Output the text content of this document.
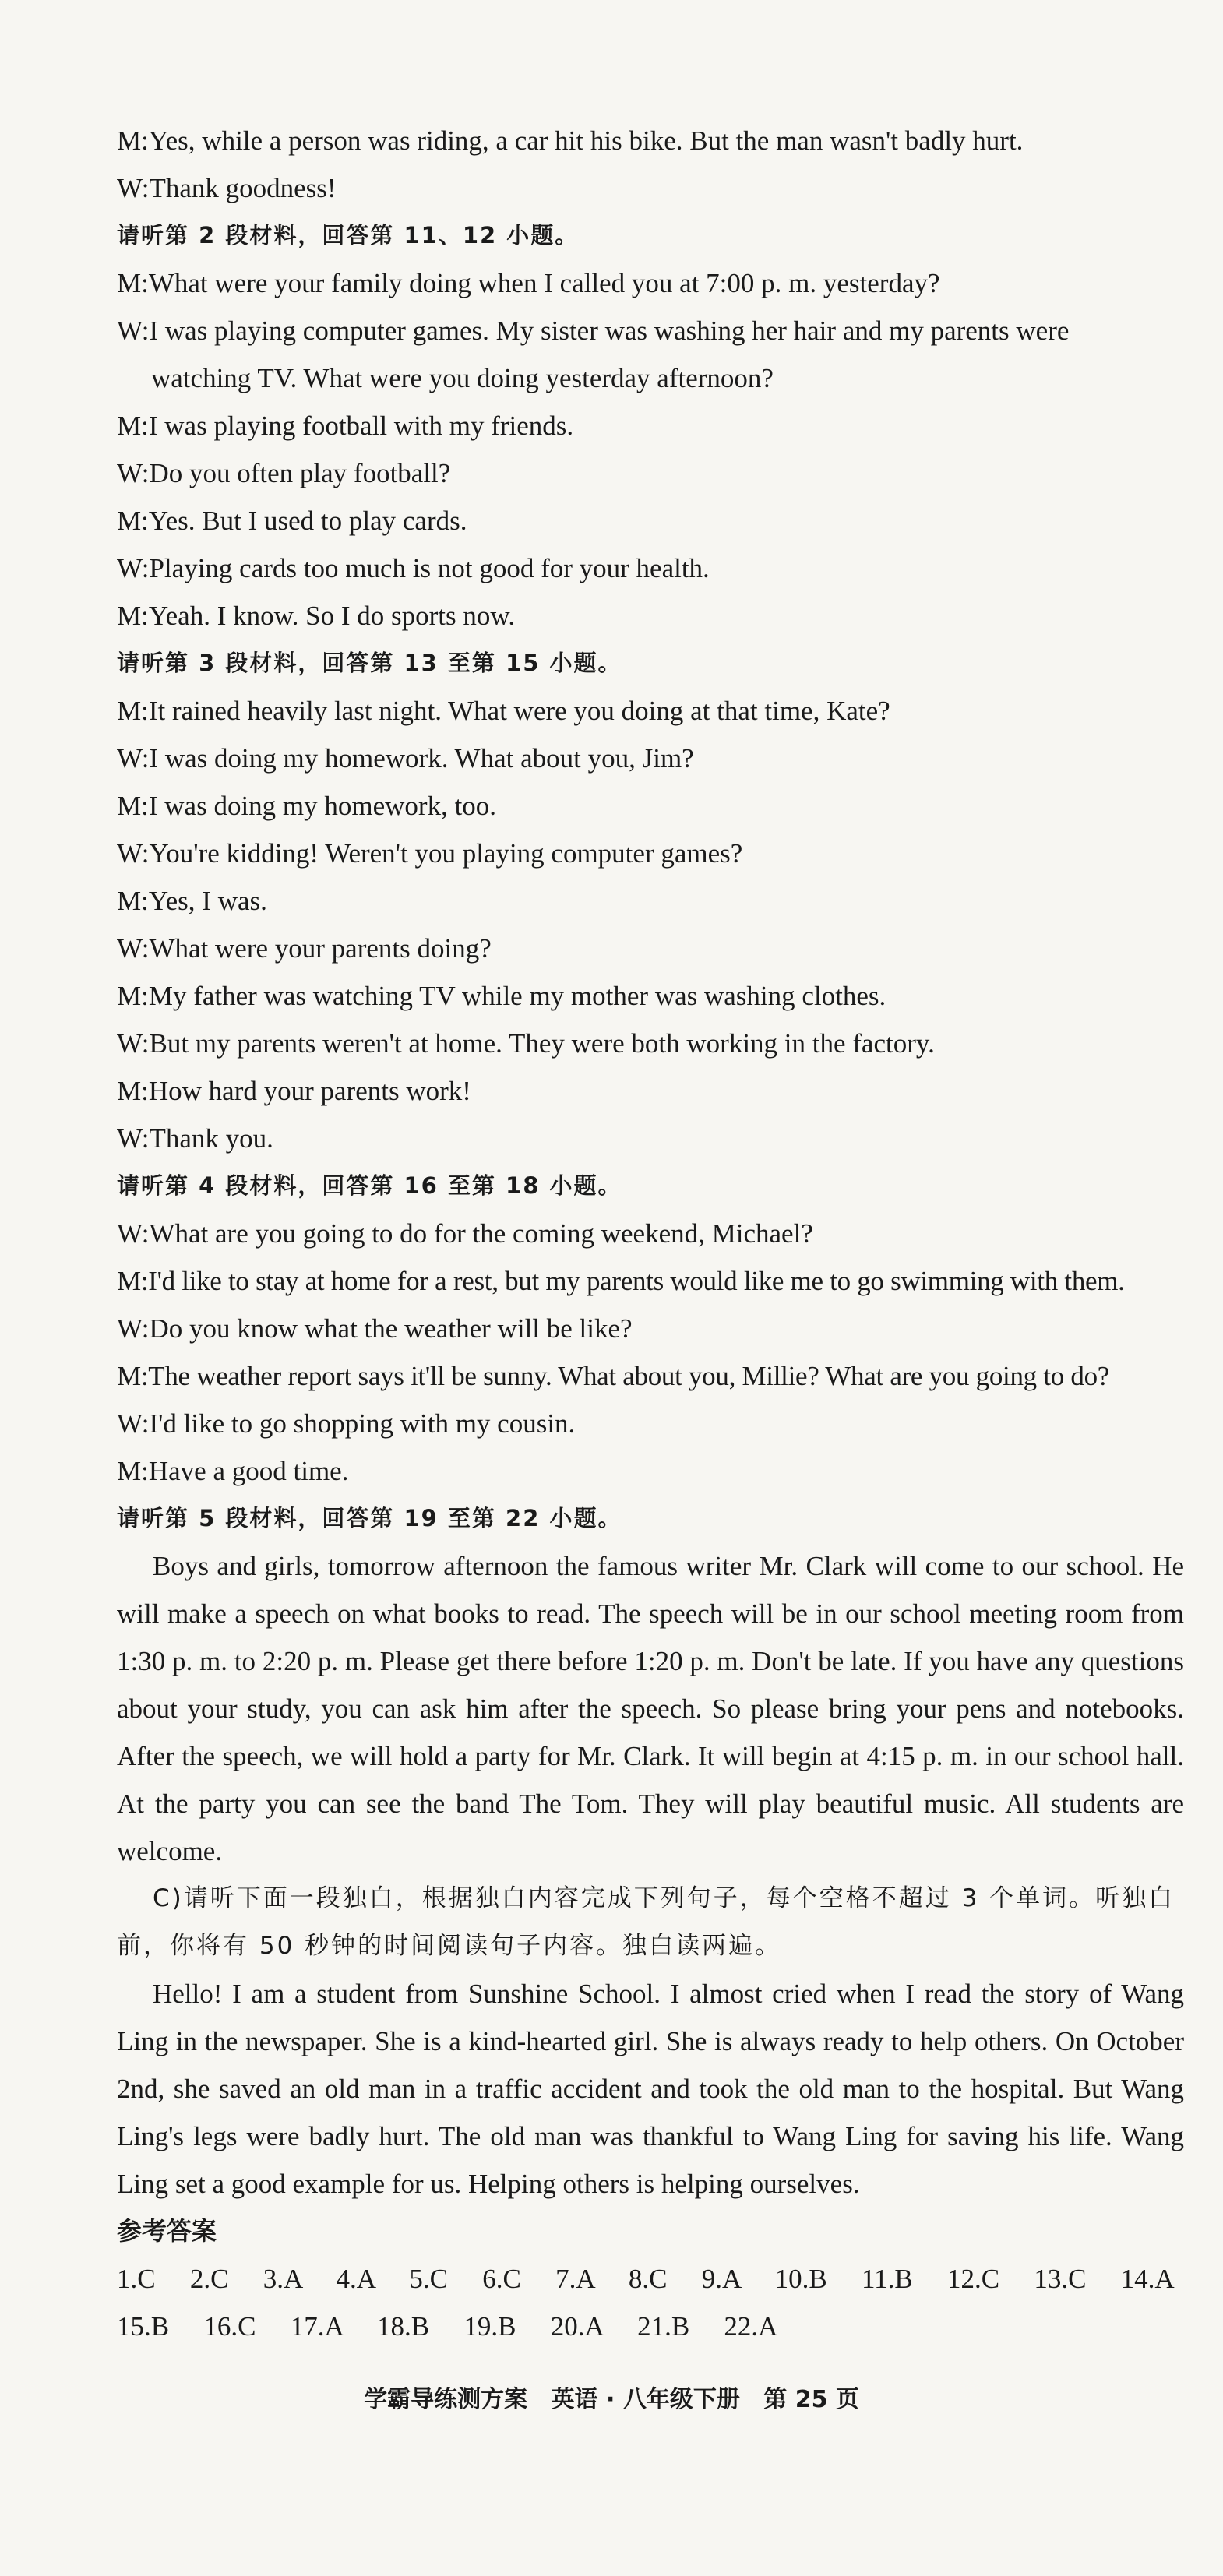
M:Yes, while a person was riding, a car hit his bike. But the man wasn't badly hurt.
W:Thank goodness!
请听第 2 段材料，回答第 11、12 小题。
M:What were your family doing when I called you at 7:00 p. m. yesterday?
W:I was playing computer games. My sister was washing her hair and my parents were
watching TV. What were you doing yesterday afternoon?
M:I was playing football with my friends.
W:Do you often play football?
M:Yes. But I used to play cards.
W:Playing cards too much is not good for your health.
M:Yeah. I know. So I do sports now.
请听第 3 段材料，回答第 13 至第 15 小题。
M:It rained heavily last night. What were you doing at that time, Kate?
W:I was doing my homework. What about you, Jim?
M:I was doing my homework, too.
W:You're kidding! Weren't you playing computer games?
M:Yes, I was.
W:What were your parents doing?
M:My father was watching TV while my mother was washing clothes.
W:But my parents weren't at home. They were both working in the factory.
M:How hard your parents work!
W:Thank you.
请听第 4 段材料，回答第 16 至第 18 小题。
W:What are you going to do for the coming weekend, Michael?
M:I'd like to stay at home for a rest, but my parents would like me to go swimming with them.
W:Do you know what the weather will be like?
M:The weather report says it'll be sunny. What about you, Millie? What are you going to do?
W:I'd like to go shopping with my cousin.
M:Have a good time.
请听第 5 段材料，回答第 19 至第 22 小题。

Boys and girls, tomorrow afternoon the famous writer Mr. Clark will come to our school. He will make a speech on what books to read. The speech will be in our school meeting room from 1:30 p. m. to 2:20 p. m. Please get there before 1:20 p. m. Don't be late. If you have any questions about your study, you can ask him after the speech. So please bring your pens and notebooks. After the speech, we will hold a party for Mr. Clark. It will begin at 4:15 p. m. in our school hall. At the party you can see the band The Tom. They will play beautiful music. All students are welcome.

C)请听下面一段独白，根据独白内容完成下列句子，每个空格不超过 3 个单词。听独白前，你将有 50 秒钟的时间阅读句子内容。独白读两遍。

Hello! I am a student from Sunshine School. I almost cried when I read the story of Wang Ling in the newspaper. She is a kind-hearted girl. She is always ready to help others. On October 2nd, she saved an old man in a traffic accident and took the old man to the hospital. But Wang Ling's legs were badly hurt. The old man was thankful to Wang Ling for saving his life. Wang Ling set a good example for us. Helping others is helping ourselves.

参考答案
1.C   2.C   3.A   4.A   5.C   6.C   7.A   8.C   9.A   10.B   11.B   12.C   13.C   14.A
15.B   16.C   17.A   18.B   19.B   20.A   21.B   22.A
学霸导练测方案 英语 · 八年级下册 第 25 页
